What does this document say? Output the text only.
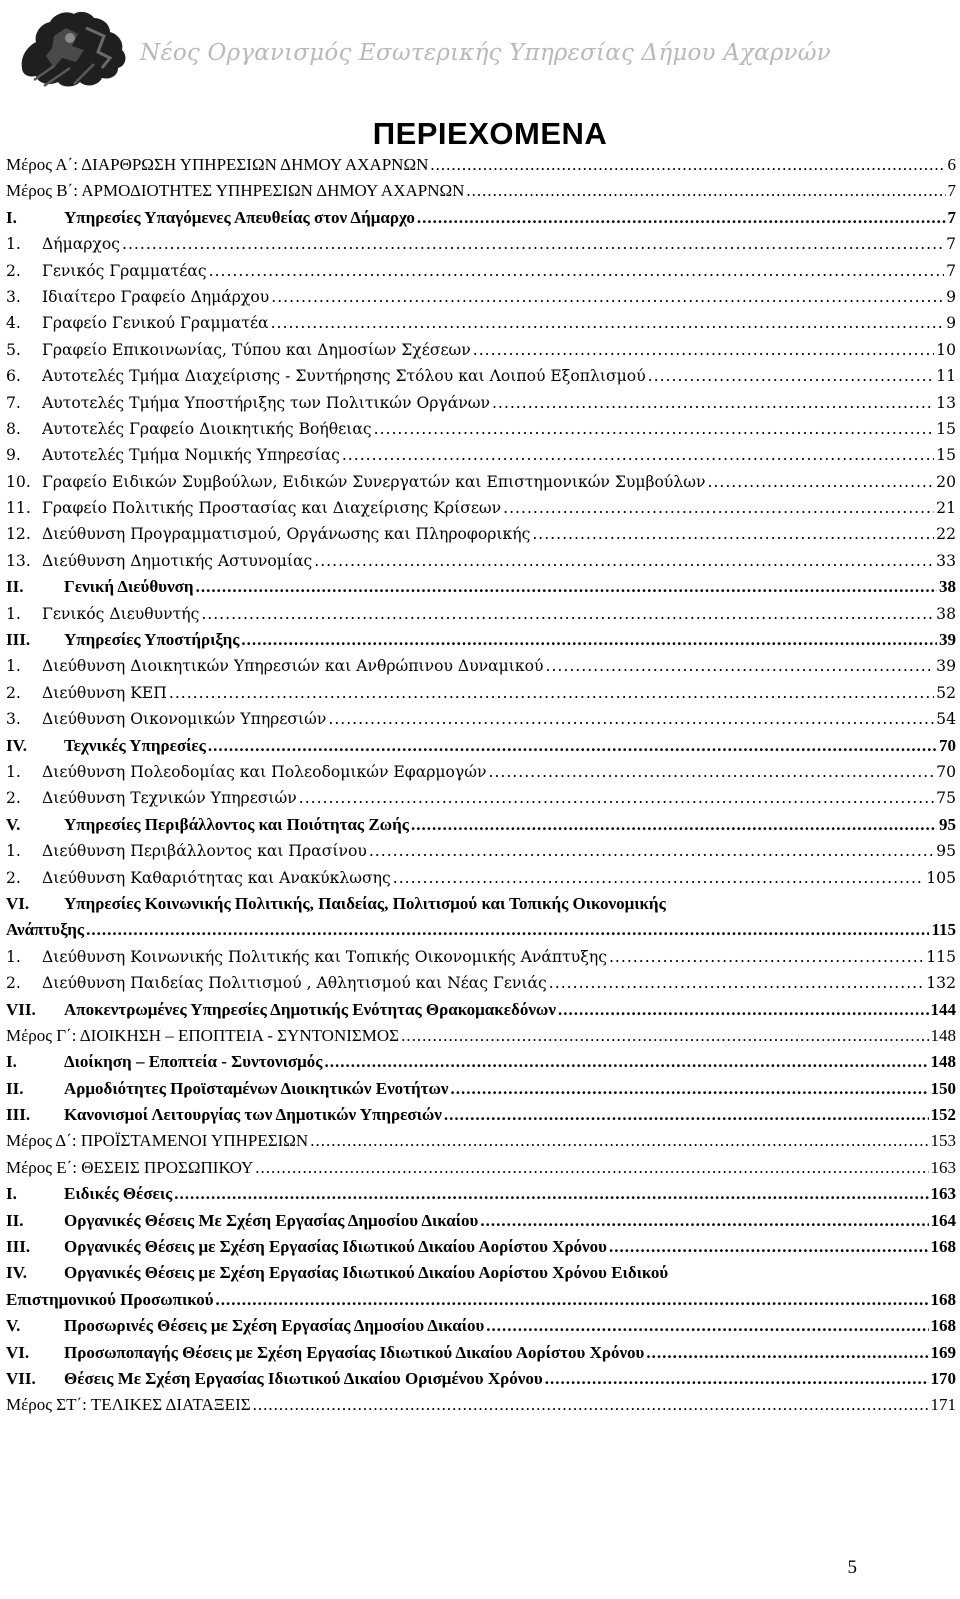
Νέος Οργανισμός Εσωτερικής Υπηρεσίας Δήμου Αχαρνών
ΠΕΡΙΕΧΟΜΕΝΑ
Μέρος Α΄: ΔΙΑΡΘΡΩΣΗ ΥΠΗΡΕΣΙΩΝ ΔΗΜΟΥ ΑΧΑΡΝΩΝ .....	6
Μέρος Β΄: ΑΡΜΟΔΙΟΤΗΤΕΣ ΥΠΗΡΕΣΙΩΝ ΔΗΜΟΥ ΑΧΑΡΝΩΝ .....	7
I.	Υπηρεσίες Υπαγόμενες Απευθείας στον Δήμαρχο .....	7
1.	Δήμαρχος .....	7
2.	Γενικός Γραμματέας .....	7
3.	Ιδιαίτερο Γραφείο Δημάρχου .....	9
4.	Γραφείο Γενικού Γραμματέα .....	9
5.	Γραφείο Επικοινωνίας, Τύπου και Δημοσίων Σχέσεων .....	10
6.	Αυτοτελές Τμήμα Διαχείρισης - Συντήρησης Στόλου και Λοιπού Εξοπλισμού .....	11
7.	Αυτοτελές Τμήμα Υποστήριξης των Πολιτικών Οργάνων .....	13
8.	Αυτοτελές Γραφείο Διοικητικής Βοήθειας .....	15
9.	Αυτοτελές Τμήμα Νομικής Υπηρεσίας .....	15
10. Γραφείο Ειδικών Συμβούλων, Ειδικών Συνεργατών και Επιστημονικών Συμβούλων .....	20
11. Γραφείο Πολιτικής Προστασίας και Διαχείρισης Κρίσεων .....	21
12. Διεύθυνση Προγραμματισμού, Οργάνωσης και Πληροφορικής .....	22
13. Διεύθυνση Δημοτικής Αστυνομίας .....	33
II.	Γενική Διεύθυνση .....	38
1.	Γενικός Διευθυντής .....	38
III.	Υπηρεσίες Υποστήριξης .....	39
1.	Διεύθυνση Διοικητικών Υπηρεσιών και Ανθρώπινου Δυναμικού .....	39
2.	Διεύθυνση ΚΕΠ .....	52
3.	Διεύθυνση Οικονομικών Υπηρεσιών .....	54
IV.	Τεχνικές Υπηρεσίες .....	70
1.	Διεύθυνση Πολεοδομίας και Πολεοδομικών Εφαρμογών .....	70
2.	Διεύθυνση Τεχνικών Υπηρεσιών .....	75
V.	Υπηρεσίες Περιβάλλοντος και Ποιότητας Ζωής .....	95
1.	Διεύθυνση Περιβάλλοντος και Πρασίνου .....	95
2.	Διεύθυνση Καθαριότητας και Ανακύκλωσης .....	105
VI.	Υπηρεσίες Κοινωνικής Πολιτικής, Παιδείας, Πολιτισμού και Τοπικής Οικονομικής
Ανάπτυξης .....	115
1.	Διεύθυνση Κοινωνικής Πολιτικής και Τοπικής Οικονομικής Ανάπτυξης .....	115
2.	Διεύθυνση Παιδείας Πολιτισμού , Αθλητισμού και Νέας Γενιάς .....	132
VII.	Αποκεντρωμένες Υπηρεσίες Δημοτικής Ενότητας Θρακομακεδόνων .....	144
Μέρος Γ΄: ΔΙΟΙΚΗΣΗ – ΕΠΟΠΤΕΙΑ - ΣΥΝΤΟΝΙΣΜΟΣ .....	148
I.	Διοίκηση – Εποπτεία - Συντονισμός .....	148
II.	Αρμοδιότητες Προϊσταμένων Διοικητικών Ενοτήτων .....	150
III.	Κανονισμοί Λειτουργίας των Δημοτικών Υπηρεσιών .....	152
Μέρος Δ΄: ΠΡΟΪΣΤΑΜΕΝΟΙ ΥΠΗΡΕΣΙΩΝ .....	153
Μέρος Ε΄: ΘΕΣΕΙΣ ΠΡΟΣΩΠΙΚΟΥ .....	163
I.	Ειδικές Θέσεις .....	163
II.	Οργανικές Θέσεις Με Σχέση Εργασίας Δημοσίου Δικαίου .....	164
III.	Οργανικές Θέσεις με Σχέση Εργασίας Ιδιωτικού Δικαίου Αορίστου Χρόνου .....	168
IV.	Οργανικές Θέσεις με Σχέση Εργασίας Ιδιωτικού Δικαίου Αορίστου Χρόνου Ειδικού
Επιστημονικού Προσωπικού .....	168
V.	Προσωρινές Θέσεις με Σχέση Εργασίας Δημοσίου Δικαίου .....	168
VI.	Προσωποπαγής Θέσεις με Σχέση Εργασίας Ιδιωτικού Δικαίου Αορίστου Χρόνου .....	169
VII.	Θέσεις Με Σχέση Εργασίας Ιδιωτικού Δικαίου Ορισμένου Χρόνου .....	170
Μέρος ΣΤ΄: ΤΕΛΙΚΕΣ ΔΙΑΤΑΞΕΙΣ .....	171
5
